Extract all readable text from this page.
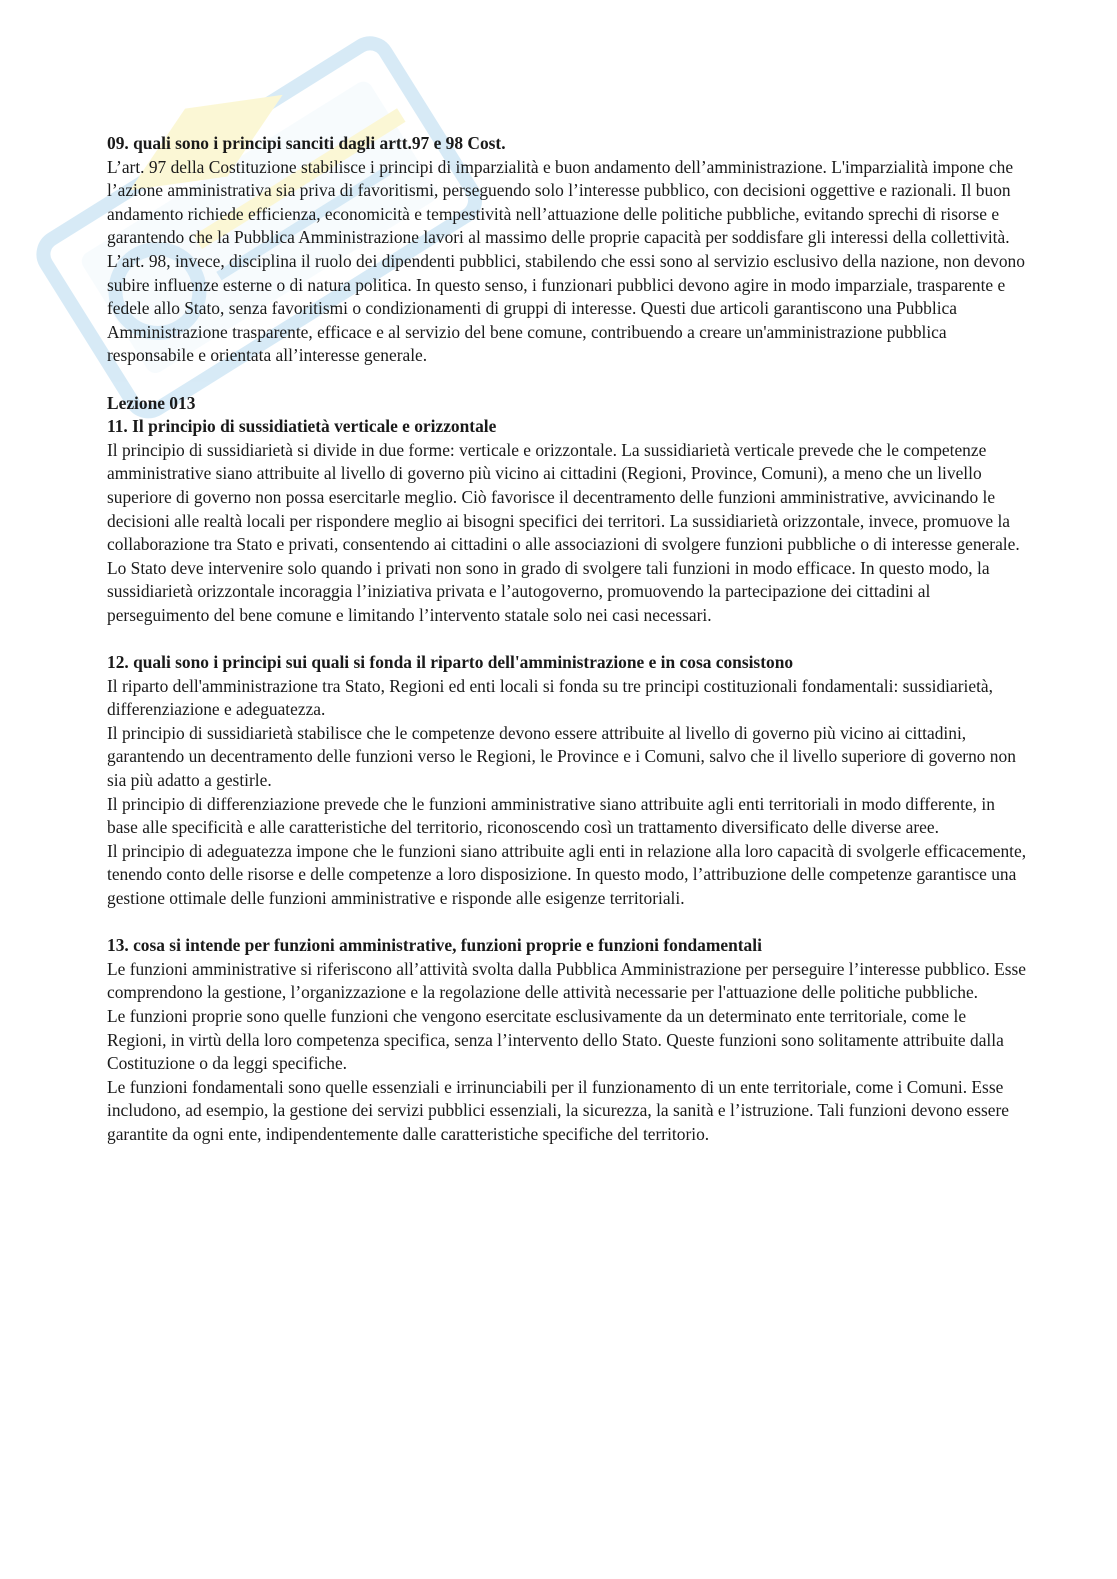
09. quali sono i principi sanciti dagli artt.97 e 98 Cost.

L’art. 97 della Costituzione stabilisce i principi di imparzialità e buon andamento dell’amministrazione. L'imparzialità impone che l’azione amministrativa sia priva di favoritismi, perseguendo solo l’interesse pubblico, con decisioni oggettive e razionali. Il buon andamento richiede efficienza, economicità e tempestività nell’attuazione delle politiche pubbliche, evitando sprechi di risorse e garantendo che la Pubblica Amministrazione lavori al massimo delle proprie capacità per soddisfare gli interessi della collettività. L’art. 98, invece, disciplina il ruolo dei dipendenti pubblici, stabilendo che essi sono al servizio esclusivo della nazione, non devono subire influenze esterne o di natura politica. In questo senso, i funzionari pubblici devono agire in modo imparziale, trasparente e fedele allo Stato, senza favoritismi o condizionamenti di gruppi di interesse. Questi due articoli garantiscono una Pubblica Amministrazione trasparente, efficace e al servizio del bene comune, contribuendo a creare un'amministrazione pubblica responsabile e orientata all’interesse generale.

Lezione 013

11. Il principio di sussidiatietà verticale e orizzontale

Il principio di sussidiarietà si divide in due forme: verticale e orizzontale. La sussidiarietà verticale prevede che le competenze amministrative siano attribuite al livello di governo più vicino ai cittadini (Regioni, Province, Comuni), a meno che un livello superiore di governo non possa esercitarle meglio. Ciò favorisce il decentramento delle funzioni amministrative, avvicinando le decisioni alle realtà locali per rispondere meglio ai bisogni specifici dei territori. La sussidiarietà orizzontale, invece, promuove la collaborazione tra Stato e privati, consentendo ai cittadini o alle associazioni di svolgere funzioni pubbliche o di interesse generale. Lo Stato deve intervenire solo quando i privati non sono in grado di svolgere tali funzioni in modo efficace. In questo modo, la sussidiarietà orizzontale incoraggia l’iniziativa privata e l’autogoverno, promuovendo la partecipazione dei cittadini al perseguimento del bene comune e limitando l’intervento statale solo nei casi necessari.

12. quali sono i principi sui quali si fonda il riparto dell'amministrazione e in cosa consistono

Il riparto dell'amministrazione tra Stato, Regioni ed enti locali si fonda su tre principi costituzionali fondamentali: sussidiarietà, differenziazione e adeguatezza.

Il principio di sussidiarietà stabilisce che le competenze devono essere attribuite al livello di governo più vicino ai cittadini, garantendo un decentramento delle funzioni verso le Regioni, le Province e i Comuni, salvo che il livello superiore di governo non sia più adatto a gestirle.

Il principio di differenziazione prevede che le funzioni amministrative siano attribuite agli enti territoriali in modo differente, in base alle specificità e alle caratteristiche del territorio, riconoscendo così un trattamento diversificato delle diverse aree.

Il principio di adeguatezza impone che le funzioni siano attribuite agli enti in relazione alla loro capacità di svolgerle efficacemente, tenendo conto delle risorse e delle competenze a loro disposizione. In questo modo, l’attribuzione delle competenze garantisce una gestione ottimale delle funzioni amministrative e risponde alle esigenze territoriali.

13. cosa si intende per funzioni amministrative, funzioni proprie e funzioni fondamentali

Le funzioni amministrative si riferiscono all’attività svolta dalla Pubblica Amministrazione per perseguire l’interesse pubblico. Esse comprendono la gestione, l’organizzazione e la regolazione delle attività necessarie per l'attuazione delle politiche pubbliche.

Le funzioni proprie sono quelle funzioni che vengono esercitate esclusivamente da un determinato ente territoriale, come le Regioni, in virtù della loro competenza specifica, senza l’intervento dello Stato. Queste funzioni sono solitamente attribuite dalla Costituzione o da leggi specifiche.

Le funzioni fondamentali sono quelle essenziali e irrinunciabili per il funzionamento di un ente territoriale, come i Comuni. Esse includono, ad esempio, la gestione dei servizi pubblici essenziali, la sicurezza, la sanità e l’istruzione. Tali funzioni devono essere garantite da ogni ente, indipendentemente dalle caratteristiche specifiche del territorio.
